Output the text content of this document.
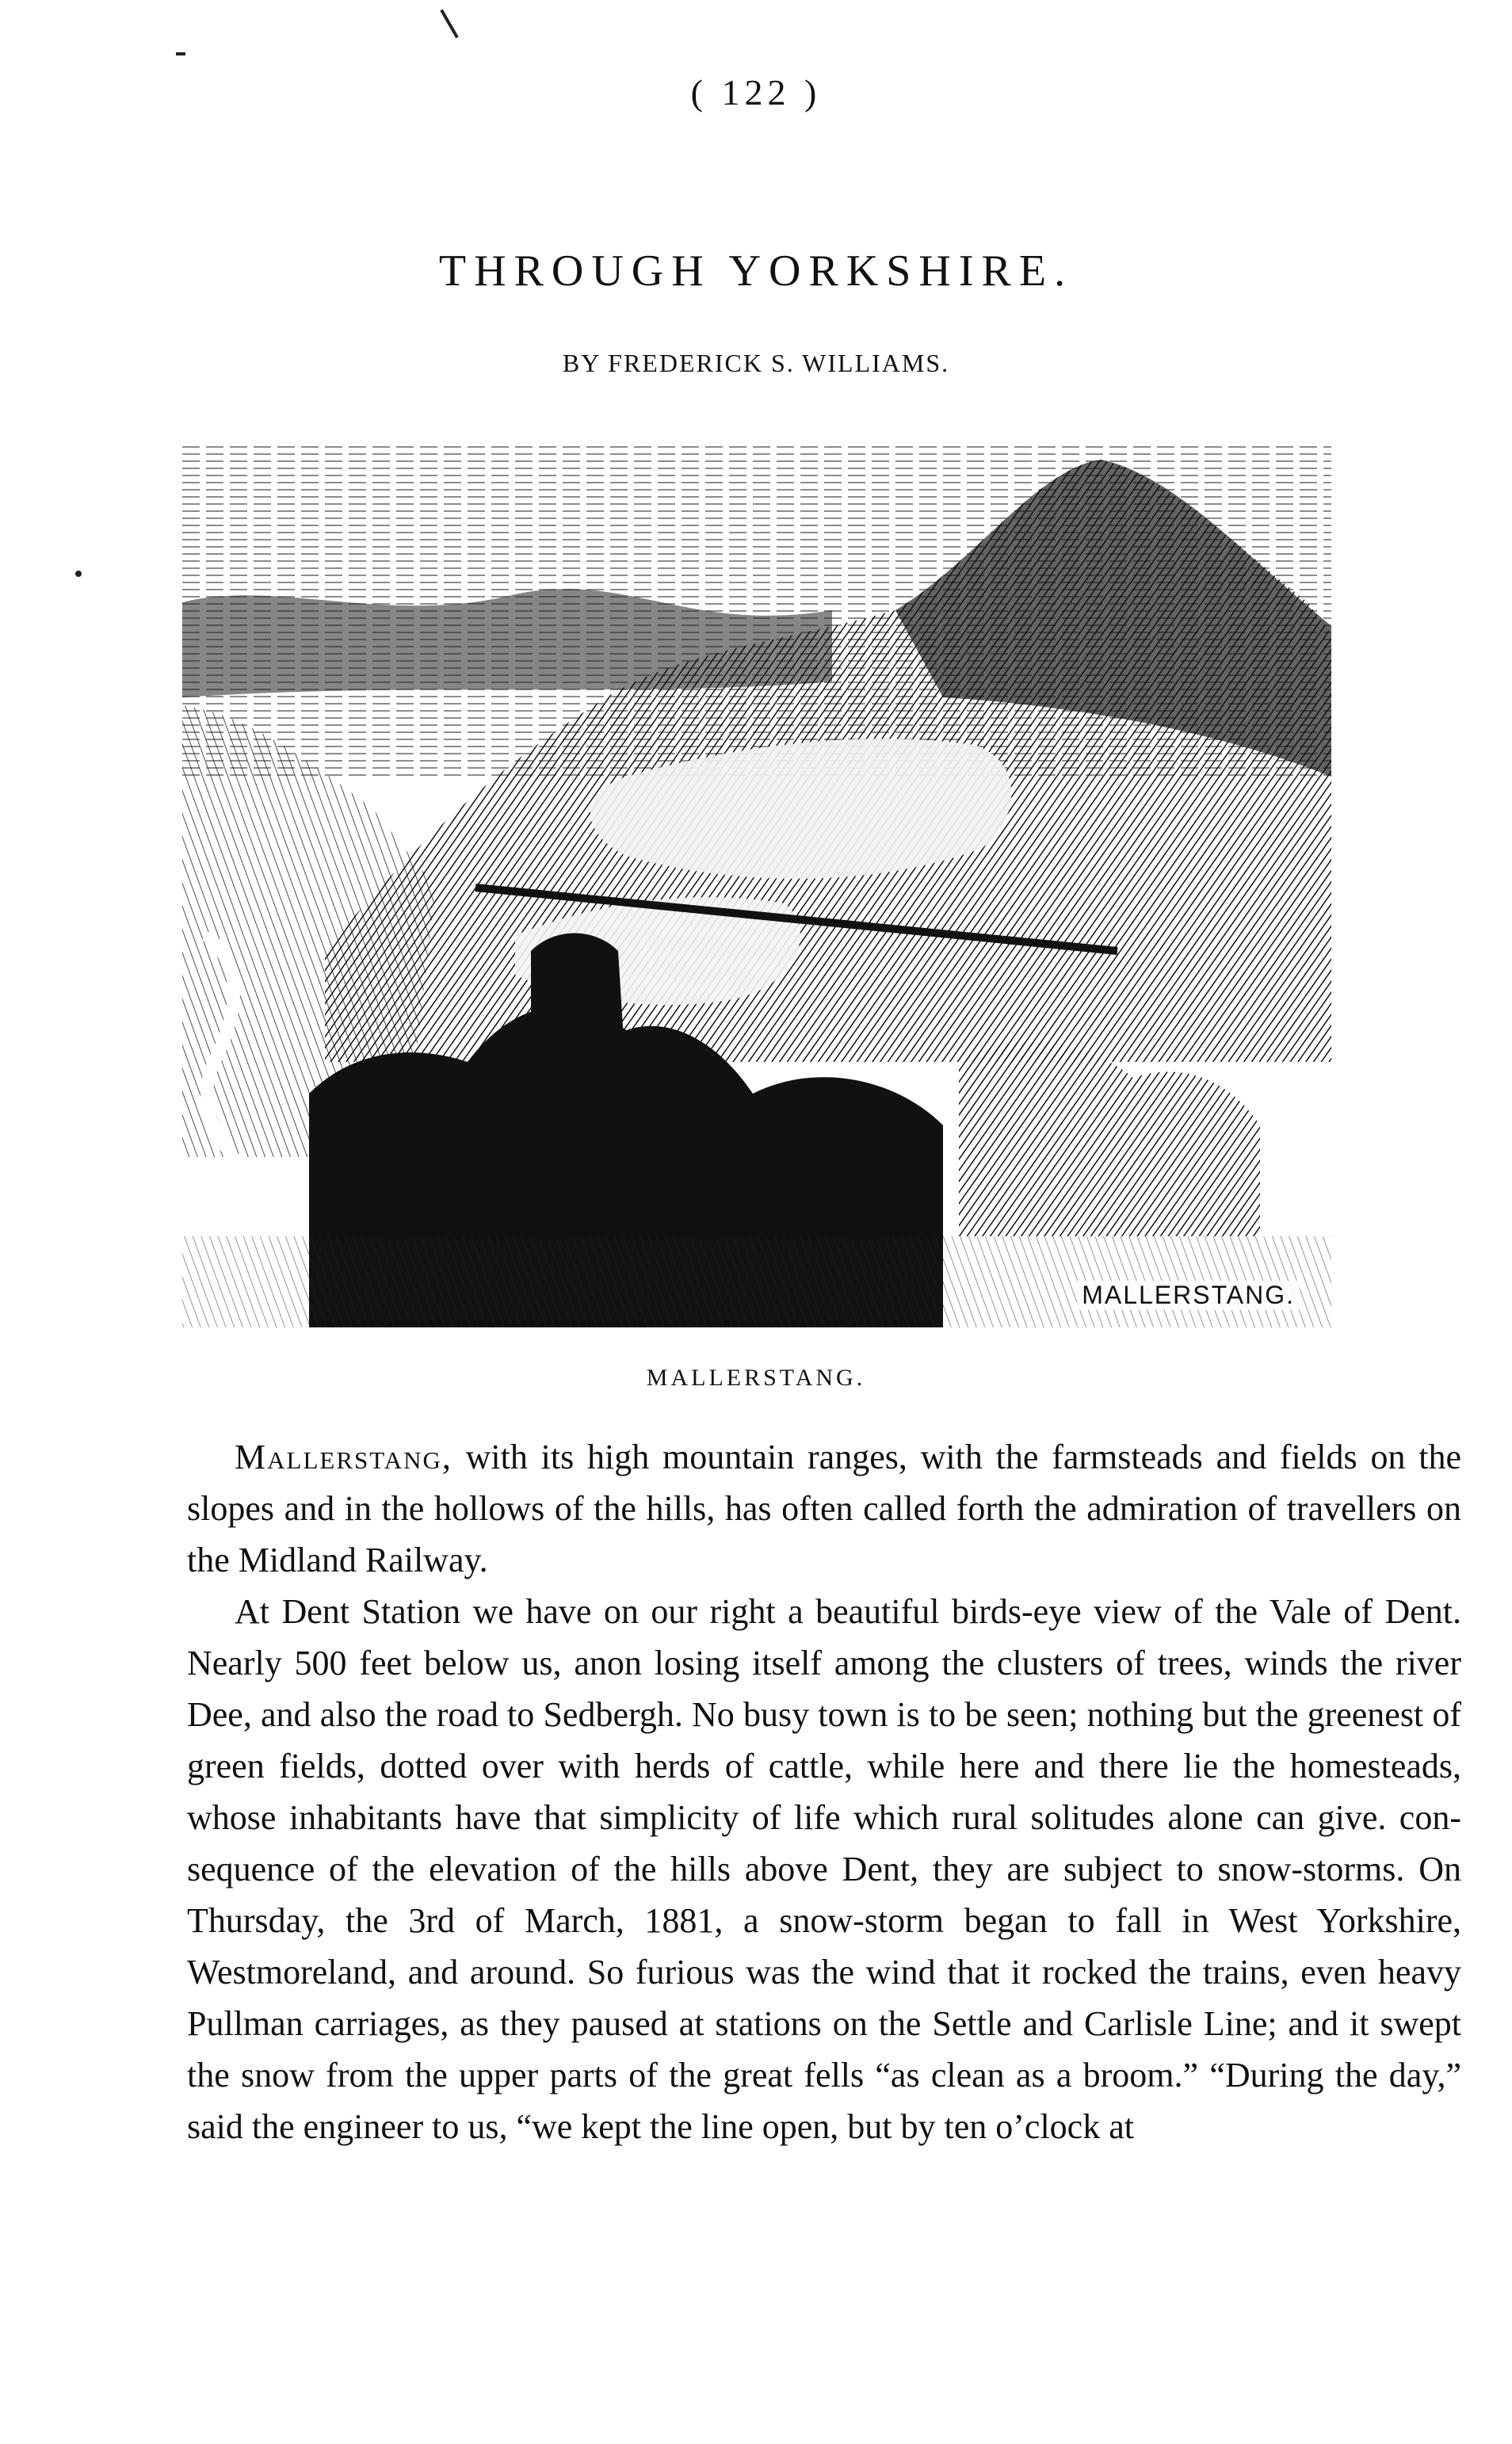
( 122 )
THROUGH YORKSHIRE.
BY FREDERICK S. WILLIAMS.
MALLERSTANG.
MALLERSTANG.

Mallerstang, with its high mountain ranges, with the farmsteads and fields on the slopes and in the hollows of the hills, has often called forth the admiration of travellers on the Midland Railway.

At Dent Station we have on our right a beautiful birds-eye view of the Vale of Dent. Nearly 500 feet below us, anon losing itself among the clusters of trees, winds the river Dee, and also the road to Sedbergh. No busy town is to be seen; nothing but the greenest of green fields, dotted over with herds of cattle, while here and there lie the homesteads, whose inhabitants have that simplicity of life which rural solitudes alone can give. con-sequence of the elevation of the hills above Dent, they are subject to snow-storms. On Thursday, the 3rd of March, 1881, a snow-storm began to fall in West Yorkshire, Westmoreland, and around. So furious was the wind that it rocked the trains, even heavy Pullman carriages, as they paused at stations on the Settle and Carlisle Line; and it swept the snow from the upper parts of the great fells “as clean as a broom.” “During the day,” said the engineer to us, “we kept the line open, but by ten o’clock at
